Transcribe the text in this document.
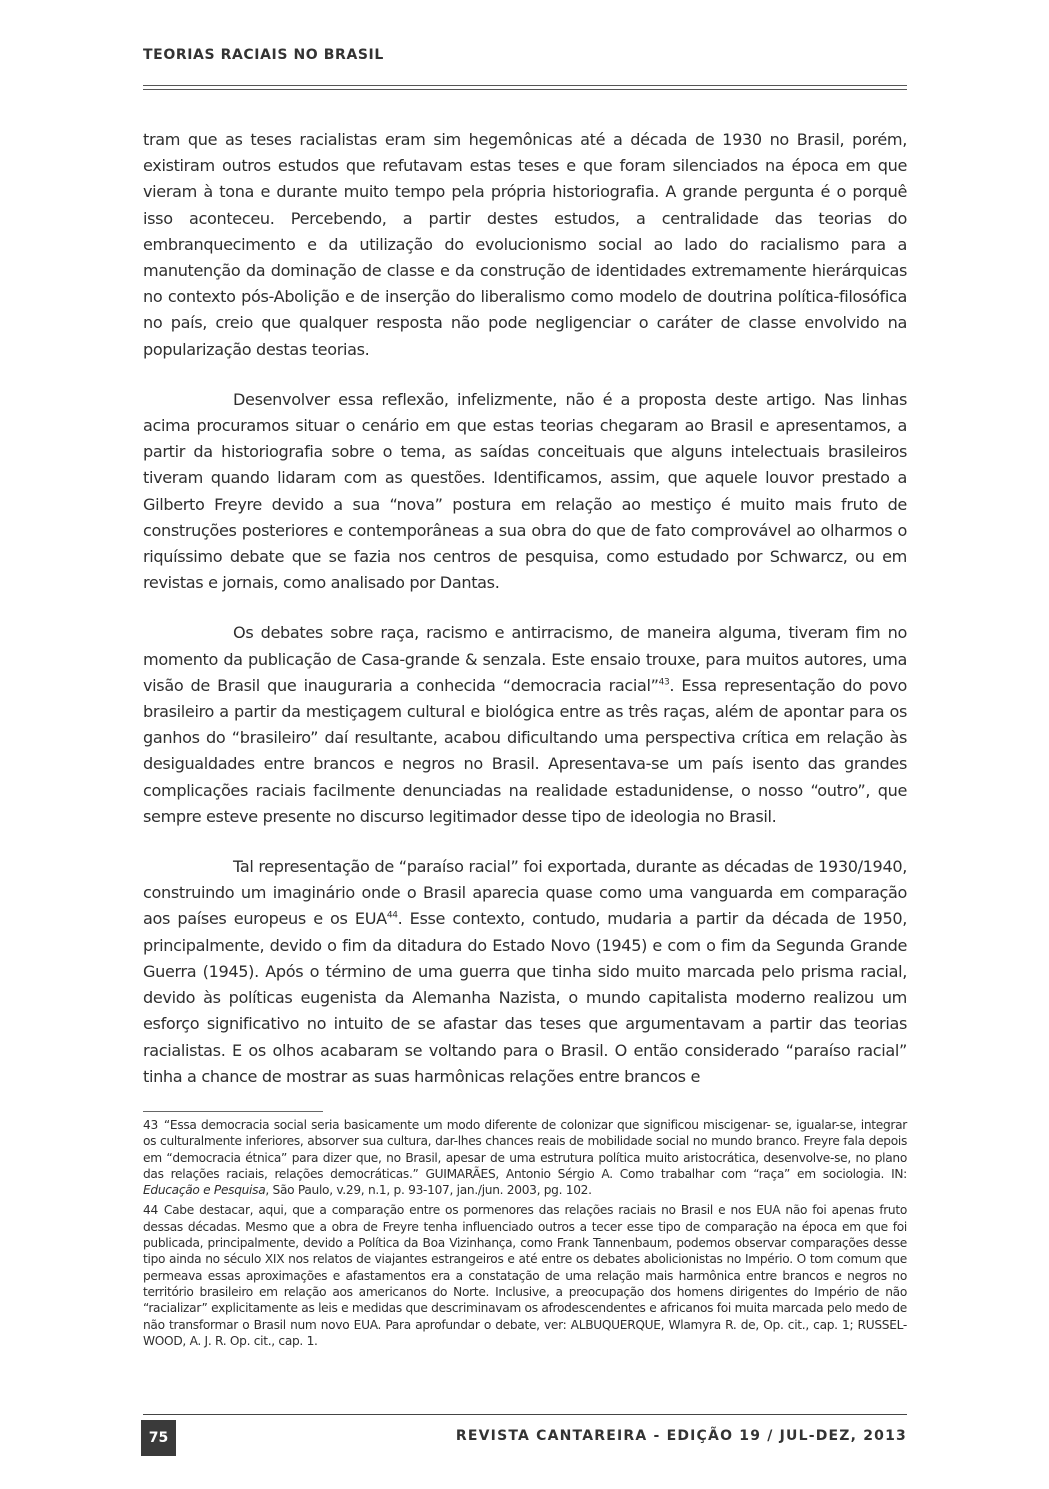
TEORIAS RACIAIS NO BRASIL

tram que as teses racialistas eram sim hegemônicas até a década de 1930 no Brasil, porém, existiram outros estudos que refutavam estas teses e que foram silenciados na época em que vieram à tona e durante muito tempo pela própria historiografia. A grande pergunta é o porquê isso aconteceu. Percebendo, a partir destes estudos, a centralidade das teorias do embranquecimento e da utilização do evolucionismo social ao lado do racialismo para a manutenção da dominação de classe e da construção de identidades extremamente hierárquicas no contexto pós-Abolição e de inserção do liberalismo como modelo de doutrina política-filosófica no país, creio que qualquer resposta não pode negligenciar o caráter de classe envolvido na popularização destas teorias.

Desenvolver essa reflexão, infelizmente, não é a proposta deste artigo. Nas linhas acima procuramos situar o cenário em que estas teorias chegaram ao Brasil e apresentamos, a partir da historiografia sobre o tema, as saídas conceituais que alguns intelectuais brasileiros tiveram quando lidaram com as questões. Identificamos, assim, que aquele louvor prestado a Gilberto Freyre devido a sua “nova” postura em relação ao mestiço é muito mais fruto de construções posteriores e contemporâneas a sua obra do que de fato comprovável ao olharmos o riquíssimo debate que se fazia nos centros de pesquisa, como estudado por Schwarcz, ou em revistas e jornais, como analisado por Dantas.

Os debates sobre raça, racismo e antirracismo, de maneira alguma, tiveram fim no momento da publicação de Casa-grande & senzala. Este ensaio trouxe, para muitos autores, uma visão de Brasil que inauguraria a conhecida “democracia racial”$^{43}$. Essa representação do povo brasileiro a partir da mestiçagem cultural e biológica entre as três raças, além de apontar para os ganhos do “brasileiro” daí resultante, acabou dificultando uma perspectiva crítica em relação às desigualdades entre brancos e negros no Brasil. Apresentava-se um país isento das grandes complicações raciais facilmente denunciadas na realidade estadunidense, o nosso “outro”, que sempre esteve presente no discurso legitimador desse tipo de ideologia no Brasil.

Tal representação de “paraíso racial” foi exportada, durante as décadas de 1930/1940, construindo um imaginário onde o Brasil aparecia quase como uma vanguarda em comparação aos países europeus e os EUA$^{44}$. Esse contexto, contudo, mudaria a partir da década de 1950, principalmente, devido o fim da ditadura do Estado Novo (1945) e com o fim da Segunda Grande Guerra (1945). Após o término de uma guerra que tinha sido muito marcada pelo prisma racial, devido às políticas eugenista da Alemanha Nazista, o mundo capitalista moderno realizou um esforço significativo no intuito de se afastar das teses que argumentavam a partir das teorias racialistas. E os olhos acabaram se voltando para o Brasil. O então considerado “paraíso racial” tinha a chance de mostrar as suas harmônicas relações entre brancos e

43 “Essa democracia social seria basicamente um modo diferente de colonizar que significou miscigenar- se, igualar-se, integrar os culturalmente inferiores, absorver sua cultura, dar-lhes chances reais de mobilidade social no mundo branco. Freyre fala depois em “democracia étnica” para dizer que, no Brasil, apesar de uma estrutura política muito aristocrática, desenvolve-se, no plano das relações raciais, relações democráticas.” GUIMARÃES, Antonio Sérgio A. Como trabalhar com “raça” em sociologia. IN: Educação e Pesquisa, São Paulo, v.29, n.1, p. 93-107, jan./jun. 2003, pg. 102.

44 Cabe destacar, aqui, que a comparação entre os pormenores das relações raciais no Brasil e nos EUA não foi apenas fruto dessas décadas. Mesmo que a obra de Freyre tenha influenciado outros a tecer esse tipo de comparação na época em que foi publicada, principalmente, devido a Política da Boa Vizinhança, como Frank Tannenbaum, podemos observar comparações desse tipo ainda no século XIX nos relatos de viajantes estrangeiros e até entre os debates abolicionistas no Império. O tom comum que permeava essas aproximações e afastamentos era a constatação de uma relação mais harmônica entre brancos e negros no território brasileiro em relação aos americanos do Norte. Inclusive, a preocupação dos homens dirigentes do Império de não “racializar” explicitamente as leis e medidas que descriminavam os afrodescendentes e africanos foi muita marcada pelo medo de não transformar o Brasil num novo EUA. Para aprofundar o debate, ver: ALBUQUERQUE, Wlamyra R. de, Op. cit., cap. 1; RUSSEL-WOOD, A. J. R. Op. cit., cap. 1.

75	REVISTA CANTAREIRA - EDIÇÃO 19 / JUL-DEZ, 2013
